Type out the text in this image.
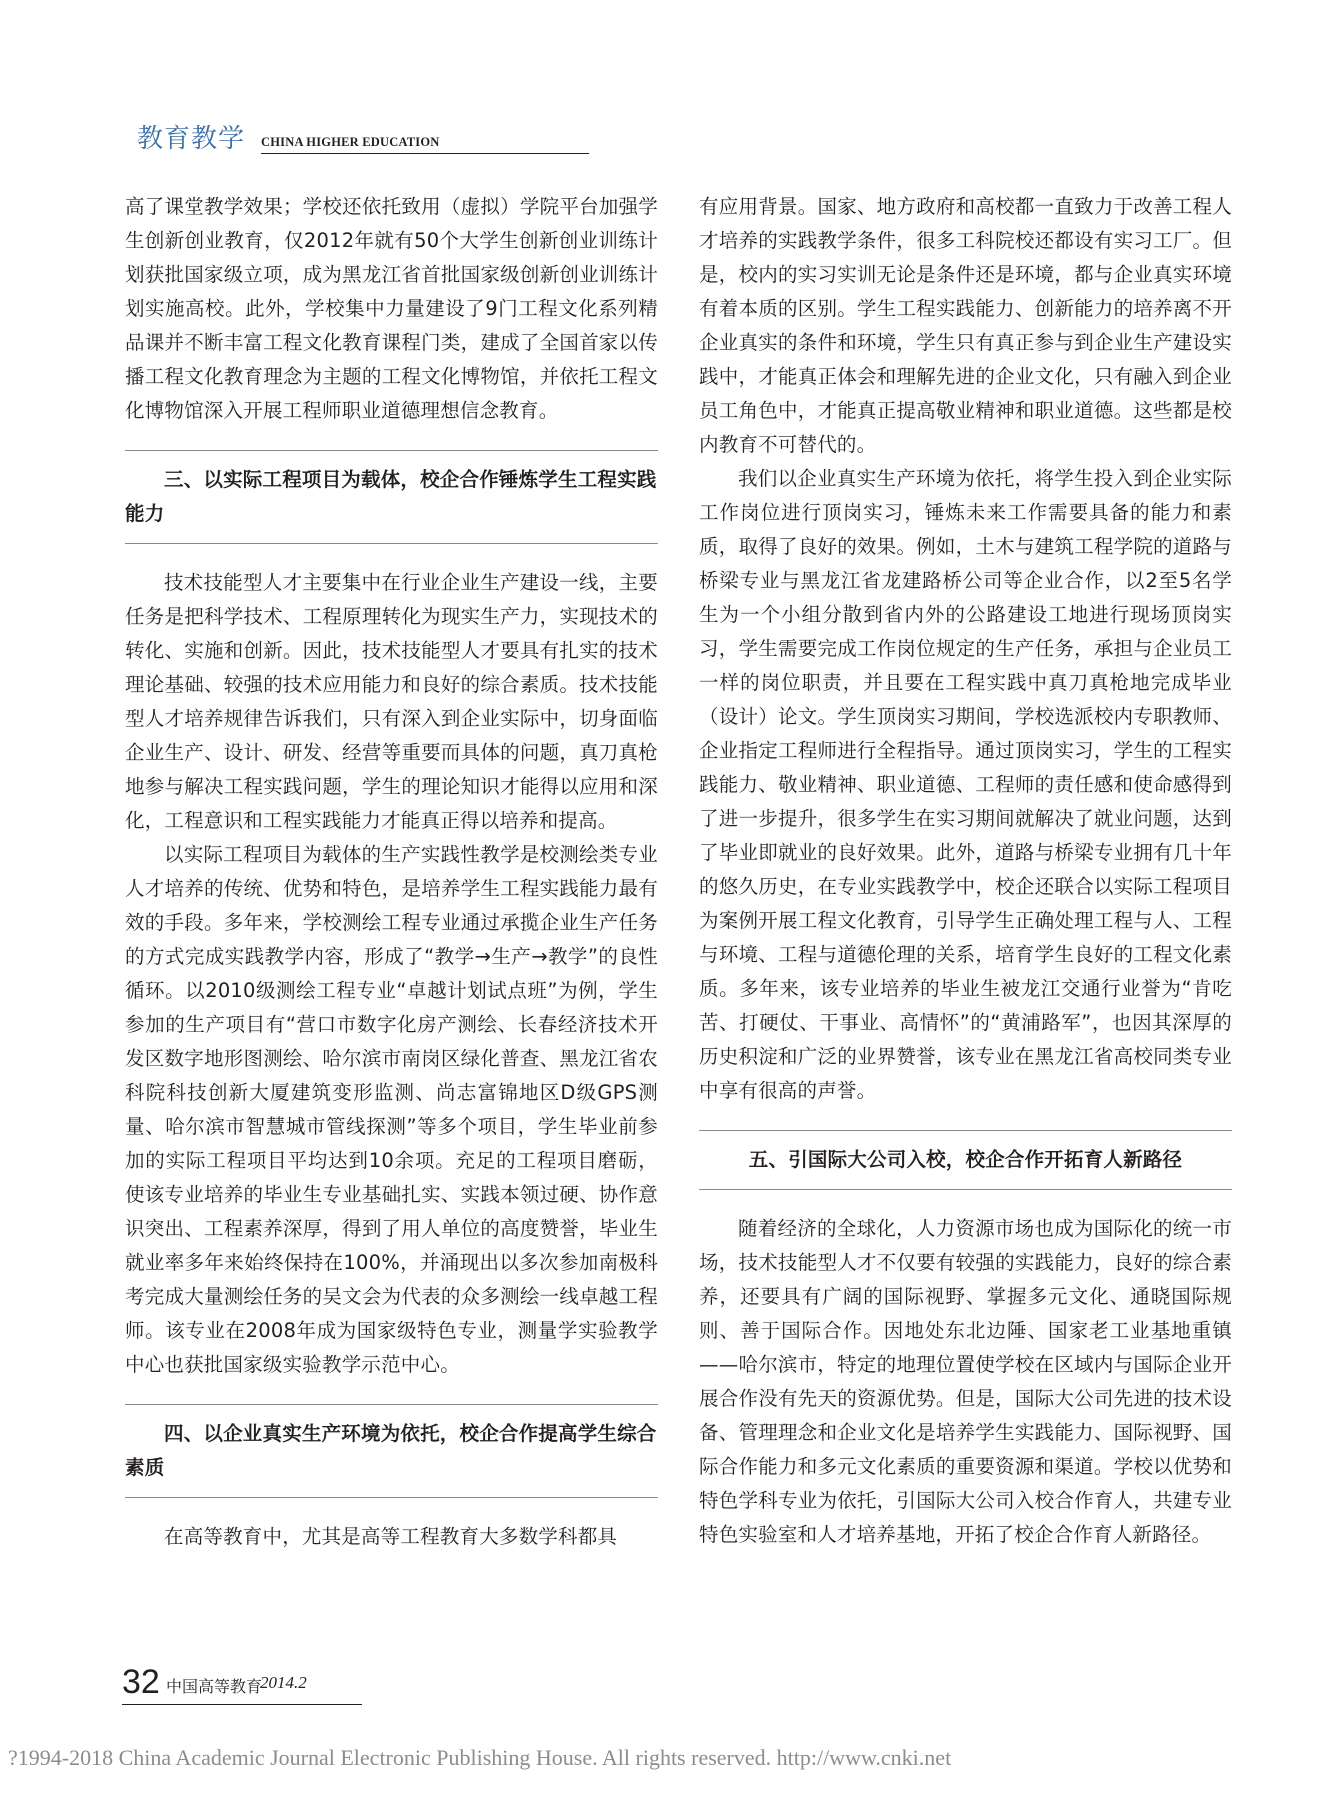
教育教学 CHINA HIGHER EDUCATION

高了课堂教学效果；学校还依托致用（虚拟）学院平台加强学生创新创业教育，仅2012年就有50个大学生创新创业训练计划获批国家级立项，成为黑龙江省首批国家级创新创业训练计划实施高校。此外，学校集中力量建设了9门工程文化系列精品课并不断丰富工程文化教育课程门类，建成了全国首家以传播工程文化教育理念为主题的工程文化博物馆，并依托工程文化博物馆深入开展工程师职业道德理想信念教育。

三、以实际工程项目为载体，校企合作锤炼学生工程实践能力

技术技能型人才主要集中在行业企业生产建设一线，主要任务是把科学技术、工程原理转化为现实生产力，实现技术的转化、实施和创新。因此，技术技能型人才要具有扎实的技术理论基础、较强的技术应用能力和良好的综合素质。技术技能型人才培养规律告诉我们，只有深入到企业实际中，切身面临企业生产、设计、研发、经营等重要而具体的问题，真刀真枪地参与解决工程实践问题，学生的理论知识才能得以应用和深化，工程意识和工程实践能力才能真正得以培养和提高。

以实际工程项目为载体的生产实践性教学是校测绘类专业人才培养的传统、优势和特色，是培养学生工程实践能力最有效的手段。多年来，学校测绘工程专业通过承揽企业生产任务的方式完成实践教学内容，形成了“教学→生产→教学”的良性循环。以2010级测绘工程专业“卓越计划试点班”为例，学生参加的生产项目有“营口市数字化房产测绘、长春经济技术开发区数字地形图测绘、哈尔滨市南岗区绿化普查、黑龙江省农科院科技创新大厦建筑变形监测、尚志富锦地区D级GPS测量、哈尔滨市智慧城市管线探测”等多个项目，学生毕业前参加的实际工程项目平均达到10余项。充足的工程项目磨砺，使该专业培养的毕业生专业基础扎实、实践本领过硬、协作意识突出、工程素养深厚，得到了用人单位的高度赞誉，毕业生就业率多年来始终保持在100%，并涌现出以多次参加南极科考完成大量测绘任务的吴文会为代表的众多测绘一线卓越工程师。该专业在2008年成为国家级特色专业，测量学实验教学中心也获批国家级实验教学示范中心。

四、以企业真实生产环境为依托，校企合作提高学生综合素质

在高等教育中，尤其是高等工程教育大多数学科都具

有应用背景。国家、地方政府和高校都一直致力于改善工程人才培养的实践教学条件，很多工科院校还都设有实习工厂。但是，校内的实习实训无论是条件还是环境，都与企业真实环境有着本质的区别。学生工程实践能力、创新能力的培养离不开企业真实的条件和环境，学生只有真正参与到企业生产建设实践中，才能真正体会和理解先进的企业文化，只有融入到企业员工角色中，才能真正提高敬业精神和职业道德。这些都是校内教育不可替代的。

我们以企业真实生产环境为依托，将学生投入到企业实际工作岗位进行顶岗实习，锤炼未来工作需要具备的能力和素质，取得了良好的效果。例如，土木与建筑工程学院的道路与桥梁专业与黑龙江省龙建路桥公司等企业合作，以2至5名学生为一个小组分散到省内外的公路建设工地进行现场顶岗实习，学生需要完成工作岗位规定的生产任务，承担与企业员工一样的岗位职责，并且要在工程实践中真刀真枪地完成毕业（设计）论文。学生顶岗实习期间，学校选派校内专职教师、企业指定工程师进行全程指导。通过顶岗实习，学生的工程实践能力、敬业精神、职业道德、工程师的责任感和使命感得到了进一步提升，很多学生在实习期间就解决了就业问题，达到了毕业即就业的良好效果。此外，道路与桥梁专业拥有几十年的悠久历史，在专业实践教学中，校企还联合以实际工程项目为案例开展工程文化教育，引导学生正确处理工程与人、工程与环境、工程与道德伦理的关系，培育学生良好的工程文化素质。多年来，该专业培养的毕业生被龙江交通行业誉为“肯吃苦、打硬仗、干事业、高情怀”的“黄浦路军”，也因其深厚的历史积淀和广泛的业界赞誉，该专业在黑龙江省高校同类专业中享有很高的声誉。

五、引国际大公司入校，校企合作开拓育人新路径

随着经济的全球化，人力资源市场也成为国际化的统一市场，技术技能型人才不仅要有较强的实践能力，良好的综合素养，还要具有广阔的国际视野、掌握多元文化、通晓国际规则、善于国际合作。因地处东北边陲、国家老工业基地重镇——哈尔滨市，特定的地理位置使学校在区域内与国际企业开展合作没有先天的资源优势。但是，国际大公司先进的技术设备、管理理念和企业文化是培养学生实践能力、国际视野、国际合作能力和多元文化素质的重要资源和渠道。学校以优势和特色学科专业为依托，引国际大公司入校合作育人，共建专业特色实验室和人才培养基地，开拓了校企合作育人新路径。

32 中国高等教育
2014.2
?1994-2018 China Academic Journal Electronic Publishing House. All rights reserved. http://www.cnki.net
